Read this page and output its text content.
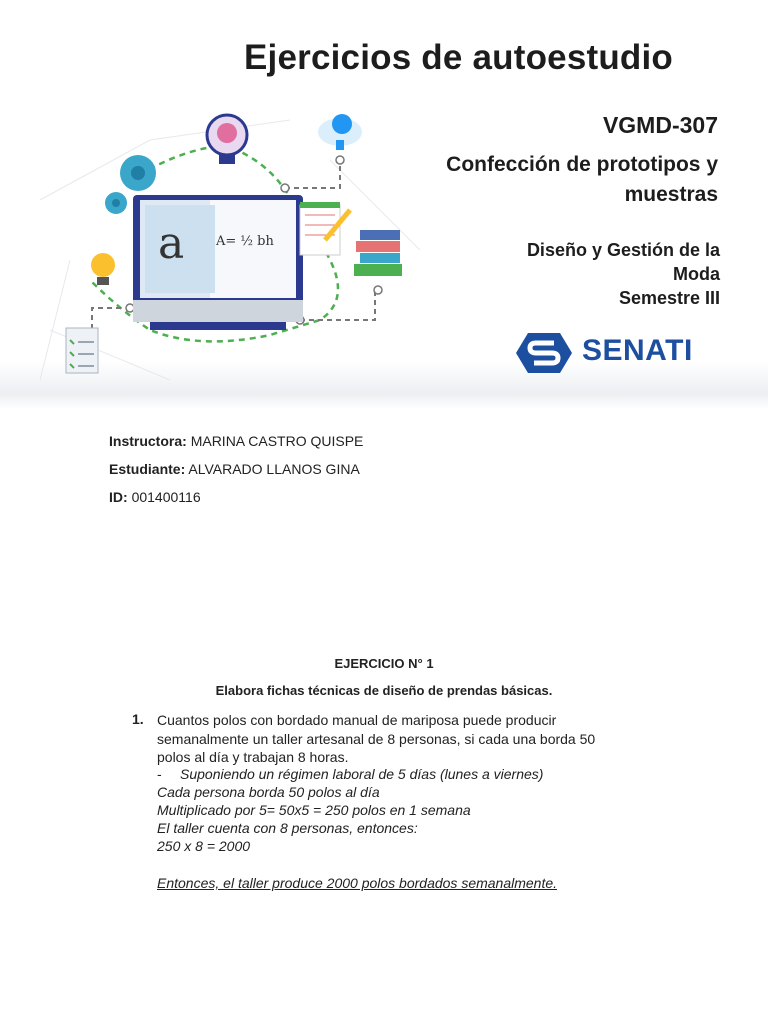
a A= ½ bh
Ejercicios de autoestudio
VGMD-307
Confección de prototipos y
muestras
Diseño y Gestión de la
Moda
Semestre III
SENATI
Instructora: MARINA CASTRO QUISPE
Estudiante: ALVARADO LLANOS GINA
ID: 001400116
EJERCICIO N° 1
Elabora fichas técnicas de diseño de prendas básicas.
1. Cuantos polos con bordado manual de mariposa puede producir
semanalmente un taller artesanal de 8 personas, si cada una borda 50
polos al día y trabajan 8 horas.
- Suponiendo un régimen laboral de 5 días (lunes a viernes)
Cada persona borda 50 polos al día
Multiplicado por 5= 50x5 = 250 polos en 1 semana
El taller cuenta con 8 personas, entonces:
250 x 8 = 2000
Entonces, el taller produce 2000 polos bordados semanalmente.
